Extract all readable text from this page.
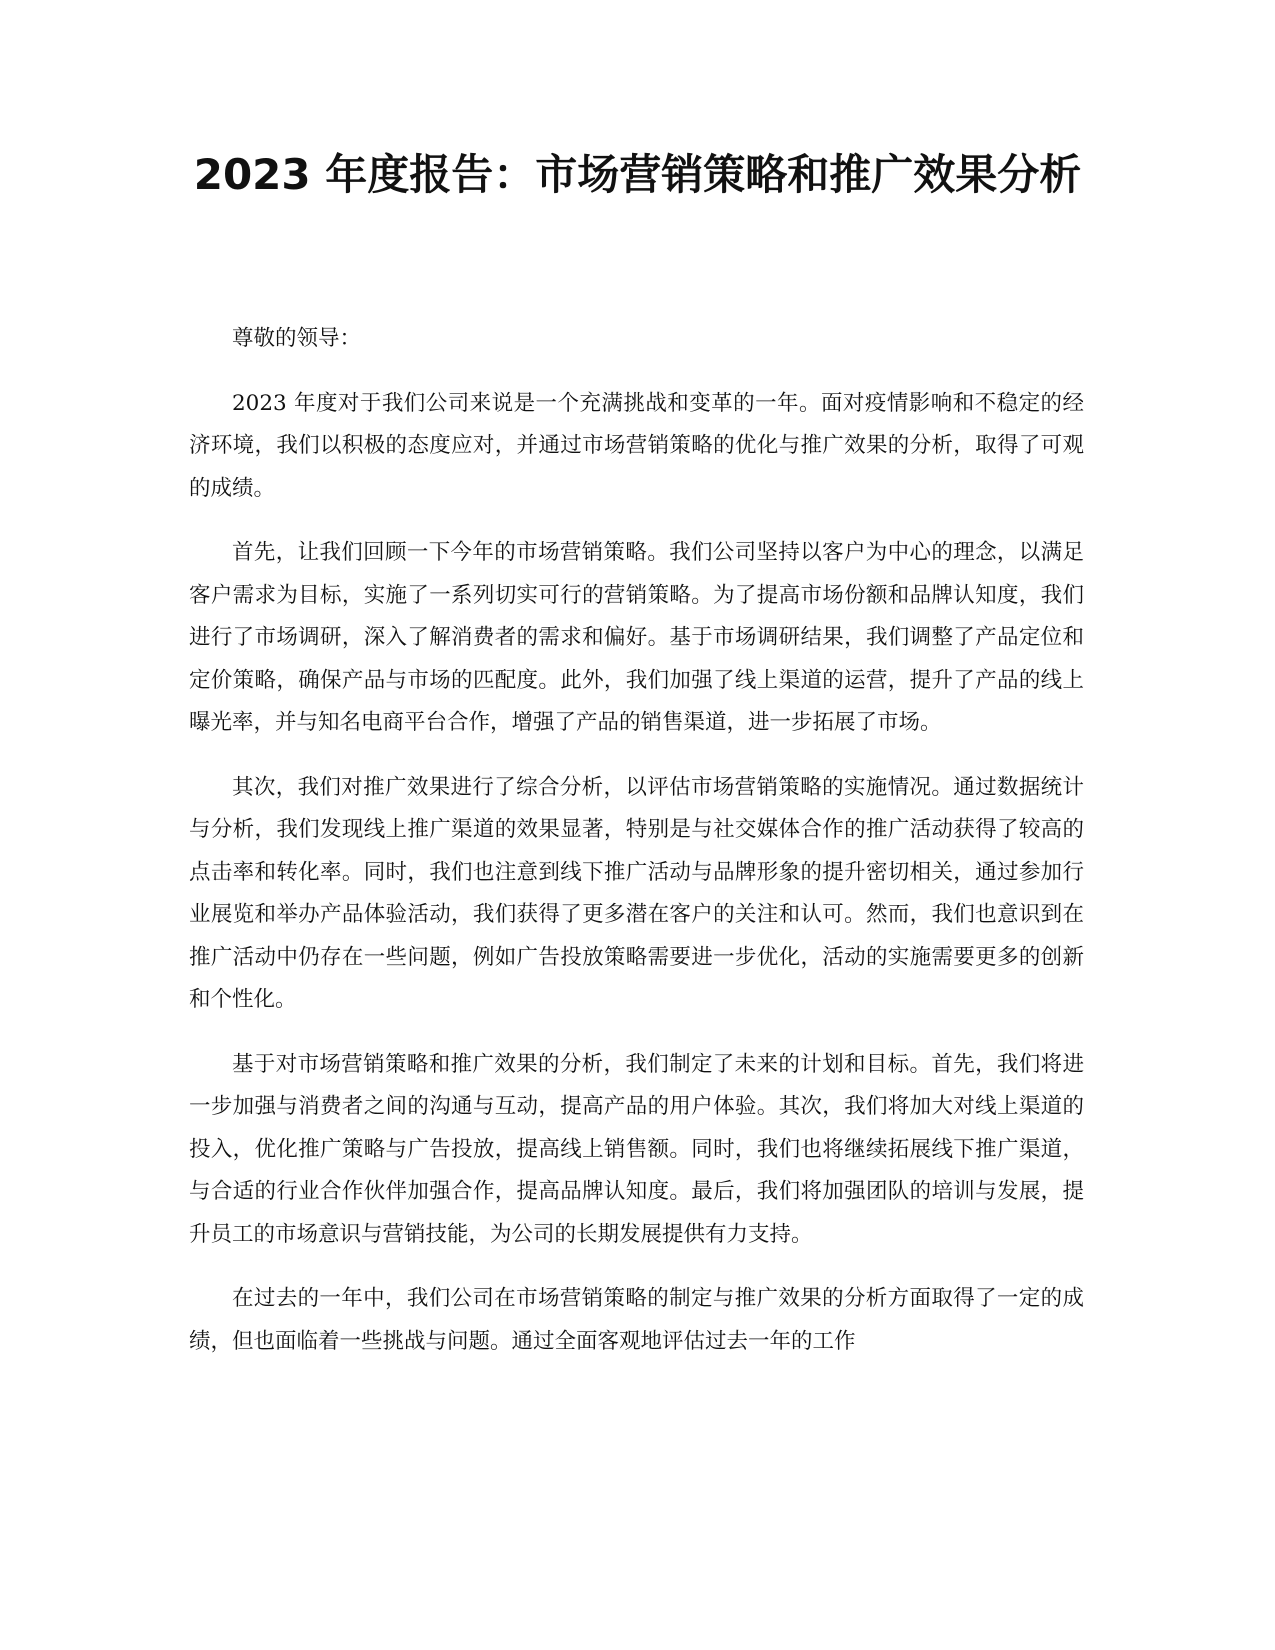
2023 年度报告：市场营销策略和推广效果分析

尊敬的领导：

2023 年度对于我们公司来说是一个充满挑战和变革的一年。面对疫情影响和不稳定的经济环境，我们以积极的态度应对，并通过市场营销策略的优化与推广效果的分析，取得了可观的成绩。

首先，让我们回顾一下今年的市场营销策略。我们公司坚持以客户为中心的理念，以满足客户需求为目标，实施了一系列切实可行的营销策略。为了提高市场份额和品牌认知度，我们进行了市场调研，深入了解消费者的需求和偏好。基于市场调研结果，我们调整了产品定位和定价策略，确保产品与市场的匹配度。此外，我们加强了线上渠道的运营，提升了产品的线上曝光率，并与知名电商平台合作，增强了产品的销售渠道，进一步拓展了市场。

其次，我们对推广效果进行了综合分析，以评估市场营销策略的实施情况。通过数据统计与分析，我们发现线上推广渠道的效果显著，特别是与社交媒体合作的推广活动获得了较高的点击率和转化率。同时，我们也注意到线下推广活动与品牌形象的提升密切相关，通过参加行业展览和举办产品体验活动，我们获得了更多潜在客户的关注和认可。然而，我们也意识到在推广活动中仍存在一些问题，例如广告投放策略需要进一步优化，活动的实施需要更多的创新和个性化。

基于对市场营销策略和推广效果的分析，我们制定了未来的计划和目标。首先，我们将进一步加强与消费者之间的沟通与互动，提高产品的用户体验。其次，我们将加大对线上渠道的投入，优化推广策略与广告投放，提高线上销售额。同时，我们也将继续拓展线下推广渠道，与合适的行业合作伙伴加强合作，提高品牌认知度。最后，我们将加强团队的培训与发展，提升员工的市场意识与营销技能，为公司的长期发展提供有力支持。

在过去的一年中，我们公司在市场营销策略的制定与推广效果的分析方面取得了一定的成绩，但也面临着一些挑战与问题。通过全面客观地评估过去一年的工作
